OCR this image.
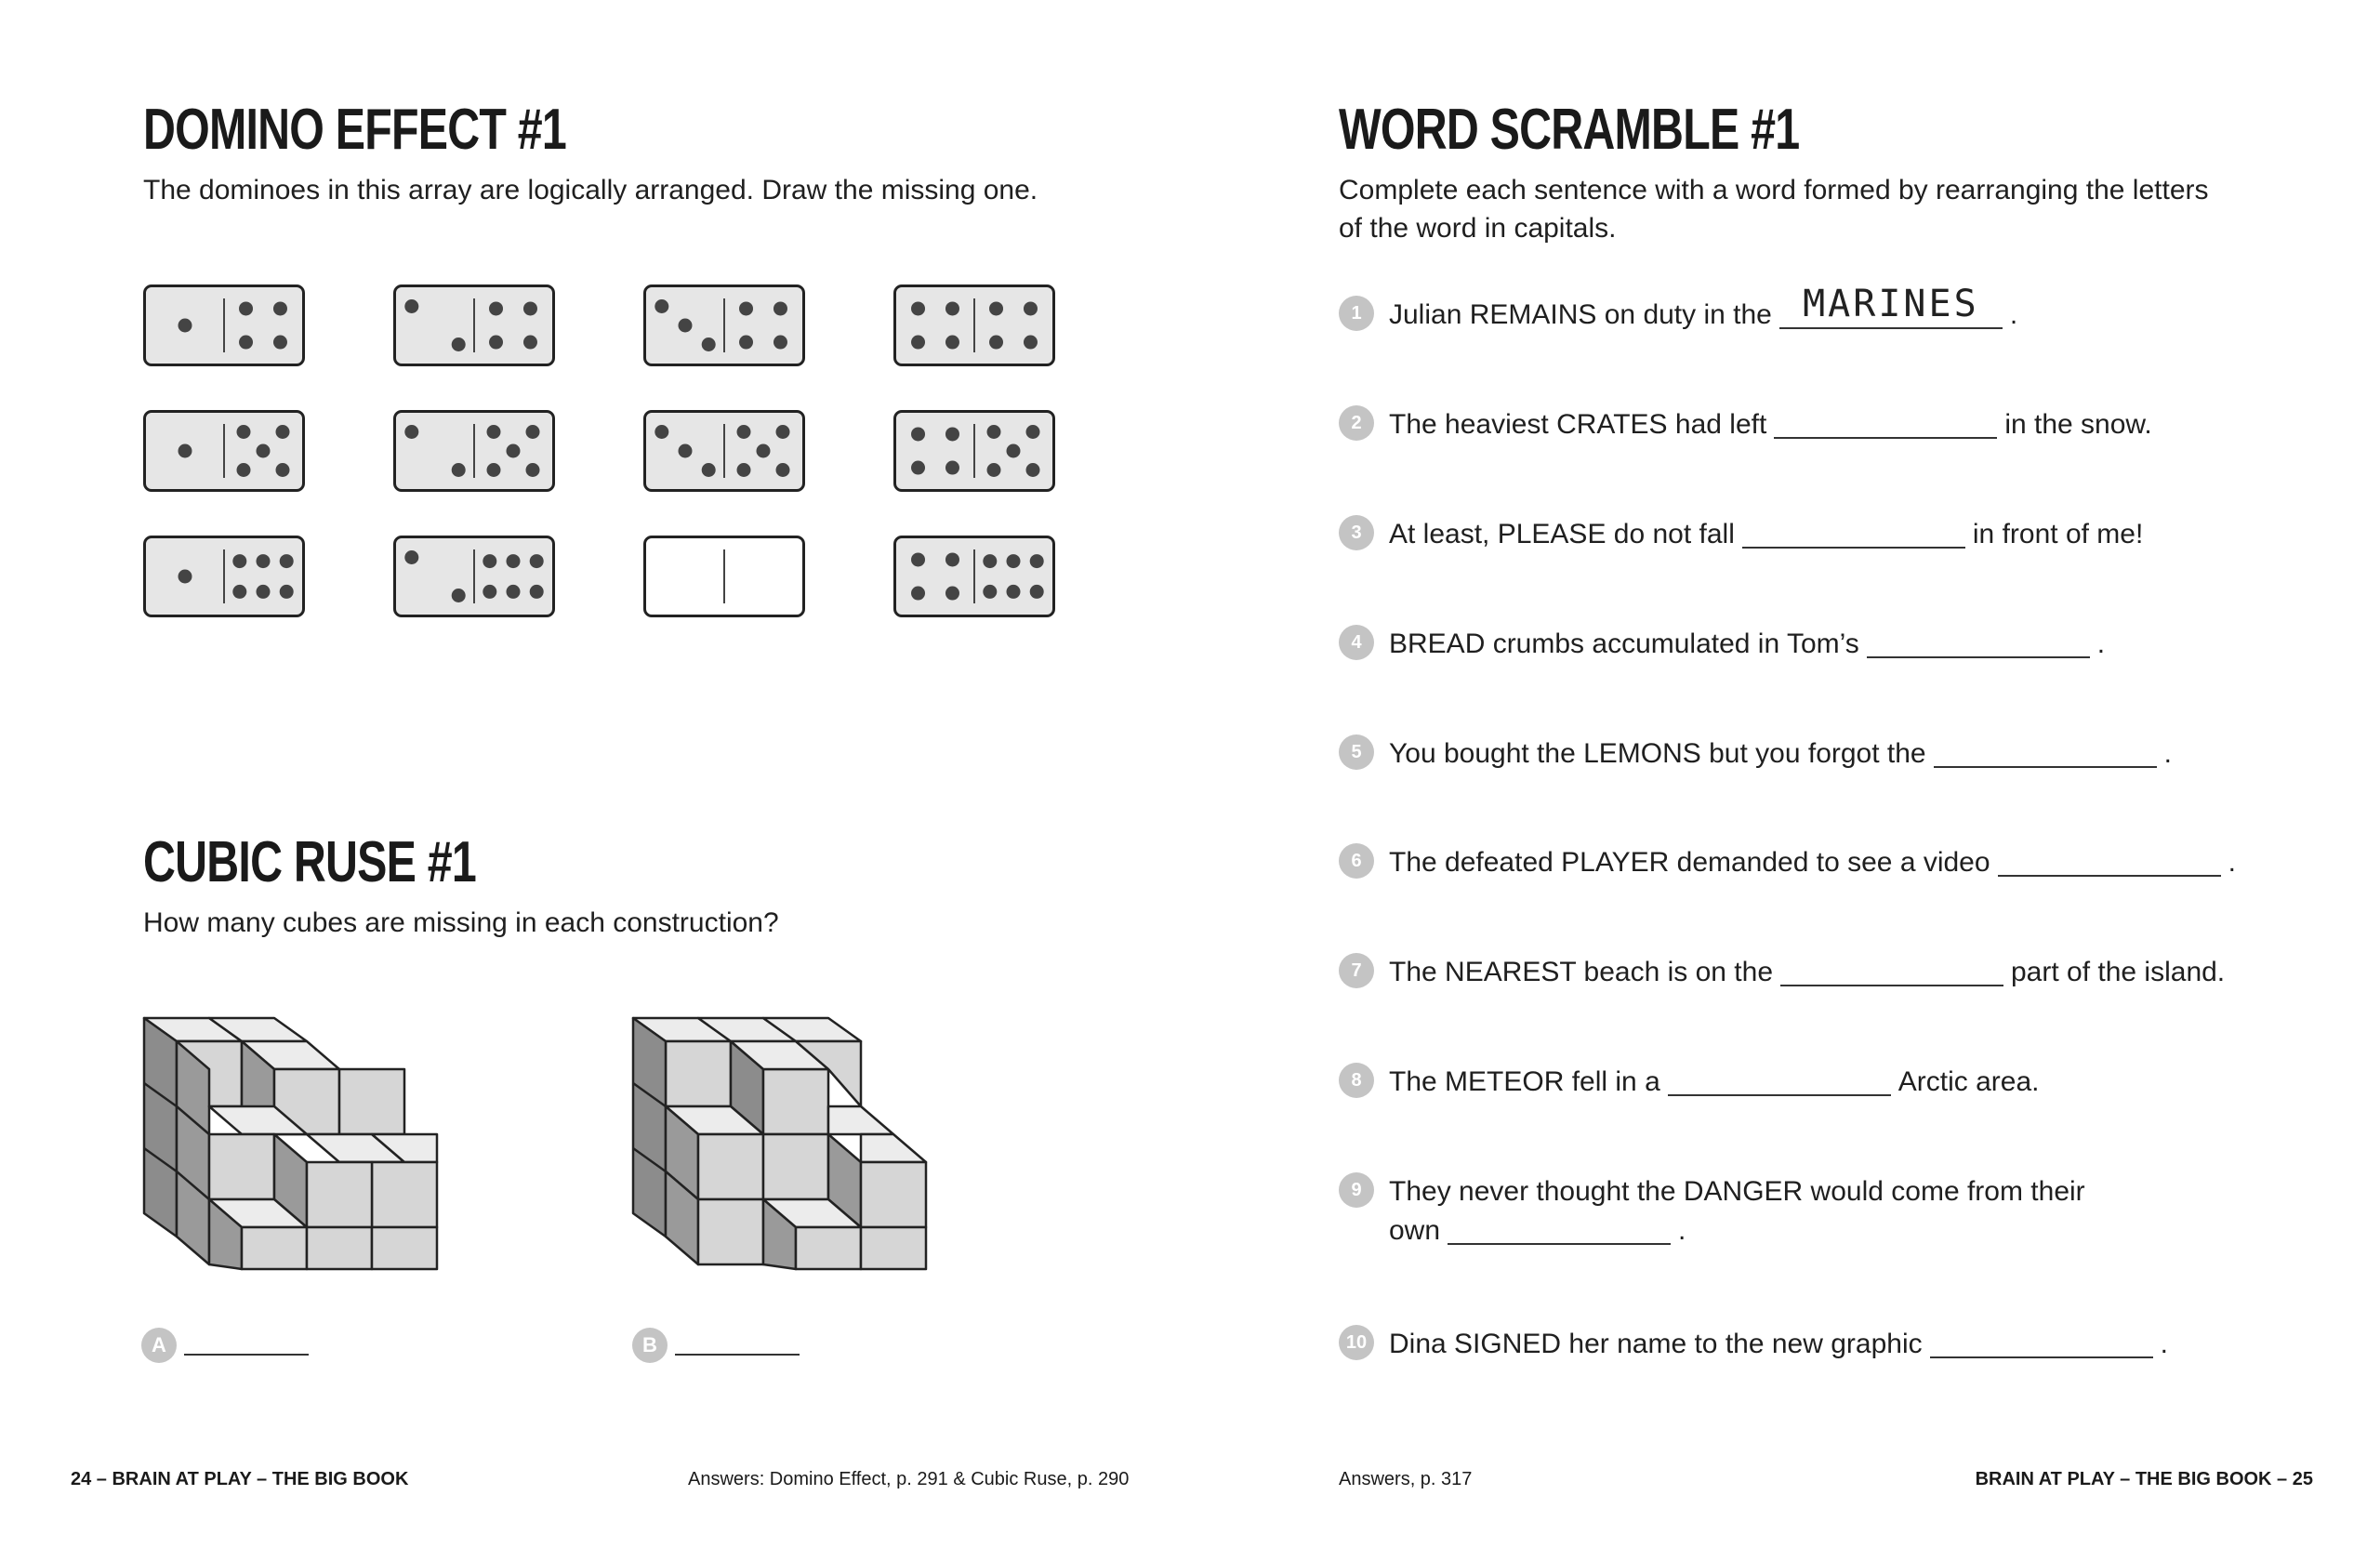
DOMINO EFFECT #1

The dominoes in this array are logically arranged. Draw the missing one.

CUBIC RUSE #1

How many cubes are missing in each construction?

A	B
24 – BRAIN AT PLAY – THE BIG BOOK	Answers: Domino Effect, p. 291 & Cubic Ruse, p. 290
WORD SCRAMBLE #1

Complete each sentence with a word formed by rearranging the letters of the word in capitals.

1 Julian REMAINS on duty in the MARINES	.
2 The heaviest CRATES had left	in the snow.
3 At least, PLEASE do not fall	in front of me!
4 BREAD crumbs accumulated in Tom’s	.
5 You bought the LEMONS but you forgot the	.
6 The defeated PLAYER demanded to see a video	.
7 The NEAREST beach is on the	part of the island.
8 The METEOR fell in a	Arctic area.
9 They never thought the DANGER would come from their
own	.
10 Dina SIGNED her name to the new graphic	.
Answers, p. 317	BRAIN AT PLAY – THE BIG BOOK – 25
